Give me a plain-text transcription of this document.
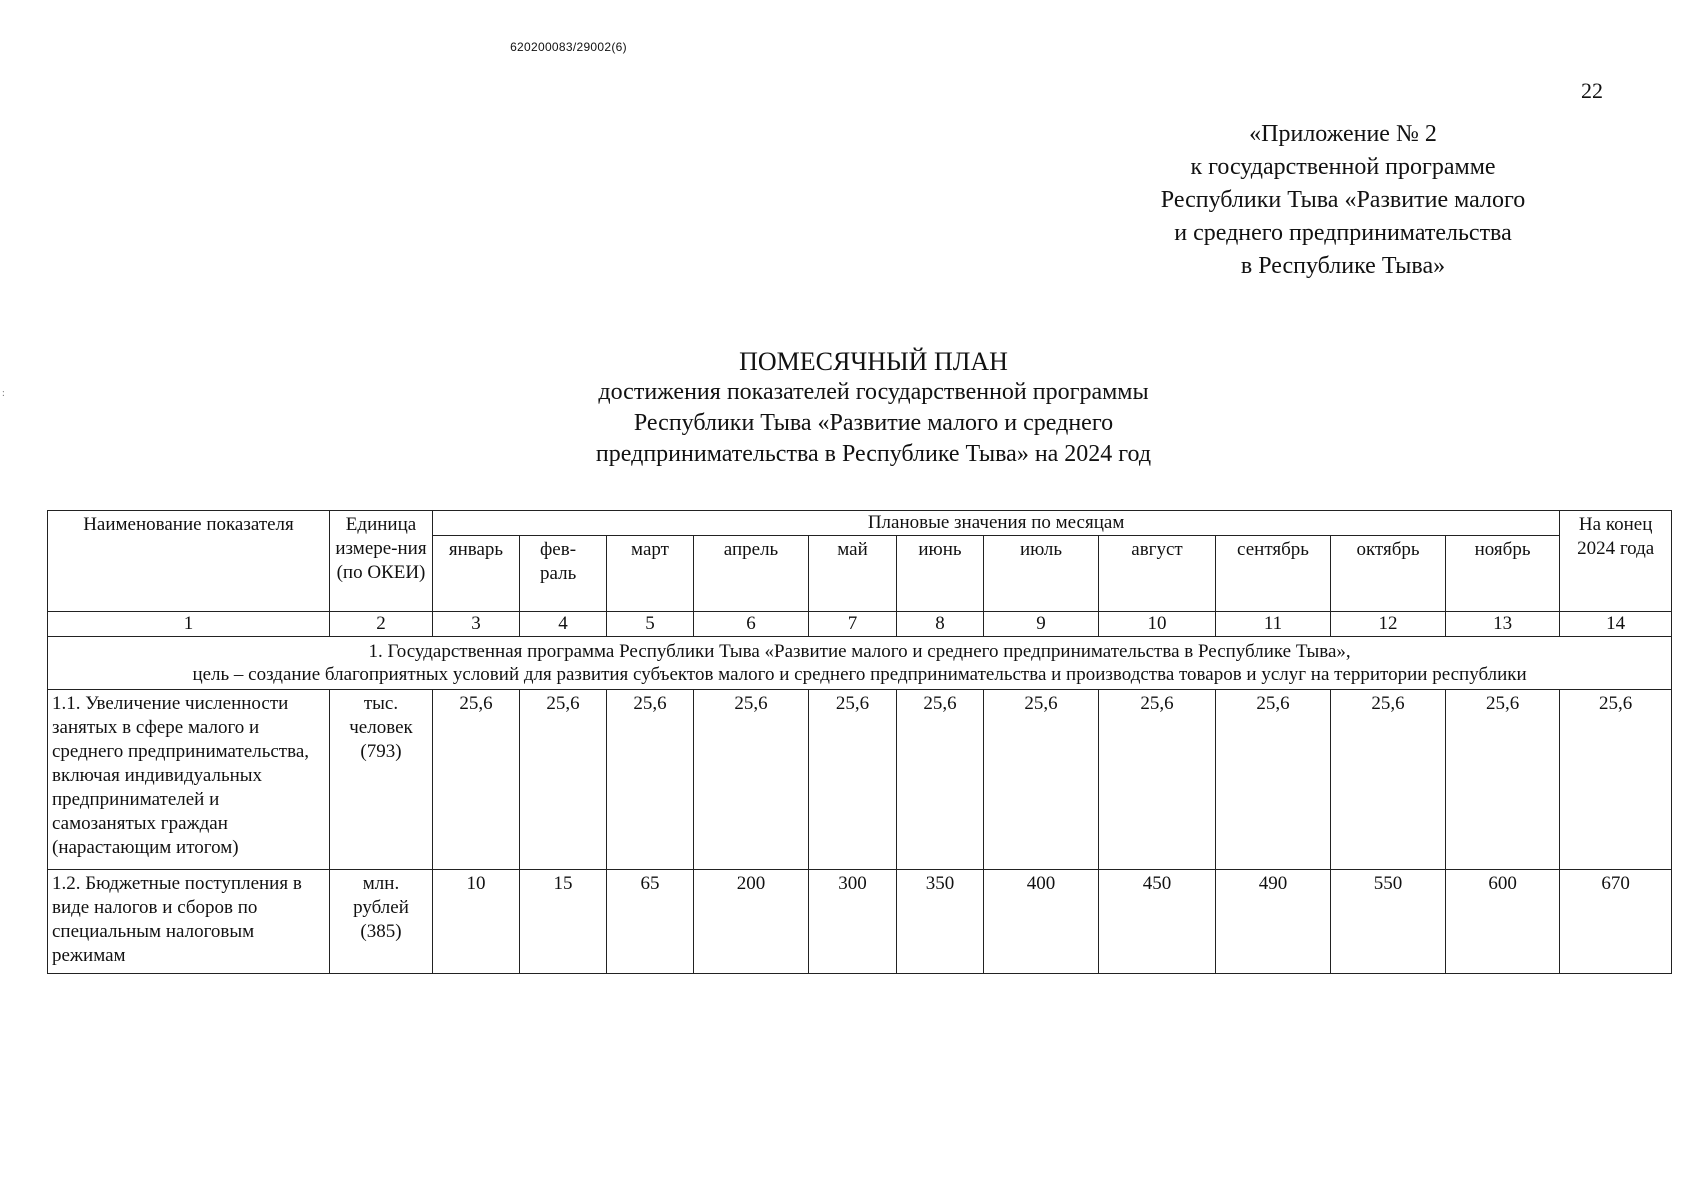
:
620200083/29002(6)
22
«Приложение № 2
к государственной программе
Республики Тыва «Развитие малого
и среднего предпринимательства
в Республике Тыва»
ПОМЕСЯЧНЫЙ ПЛАН
достижения показателей государственной программы
Республики Тыва «Развитие малого и среднего
предпринимательства в Республике Тыва» на 2024 год
Наименование показателя	Единица измере-ния (по ОКЕИ)	Плановые значения по месяцам											На конец 2024 года
		январь	фев-раль	март	апрель	май	июнь	июль	август	сентябрь	октябрь	ноябрь	
1	2	3	4	5	6	7	8	9	10	11	12	13	14

1. Государственная программа Республики Тыва «Развитие малого и среднего предпринимательства в Республике Тыва»,
цель – создание благоприятных условий для развития субъектов малого и среднего предпринимательства и производства товаров и услуг на территории республики													

1.1. Увеличение численности занятых в сфере малого и среднего предпринимательства, включая индивидуальных предпринимателей и самозанятых граждан (нарастающим итогом)	тыс. человек (793)	25,6	25,6	25,6	25,6	25,6	25,6	25,6	25,6	25,6	25,6	25,6	25,6
1.2. Бюджетные поступления в виде налогов и сборов по специальным налоговым режимам	млн. рублей (385)	10	15	65	200	300	350	400	450	490	550	600	670
